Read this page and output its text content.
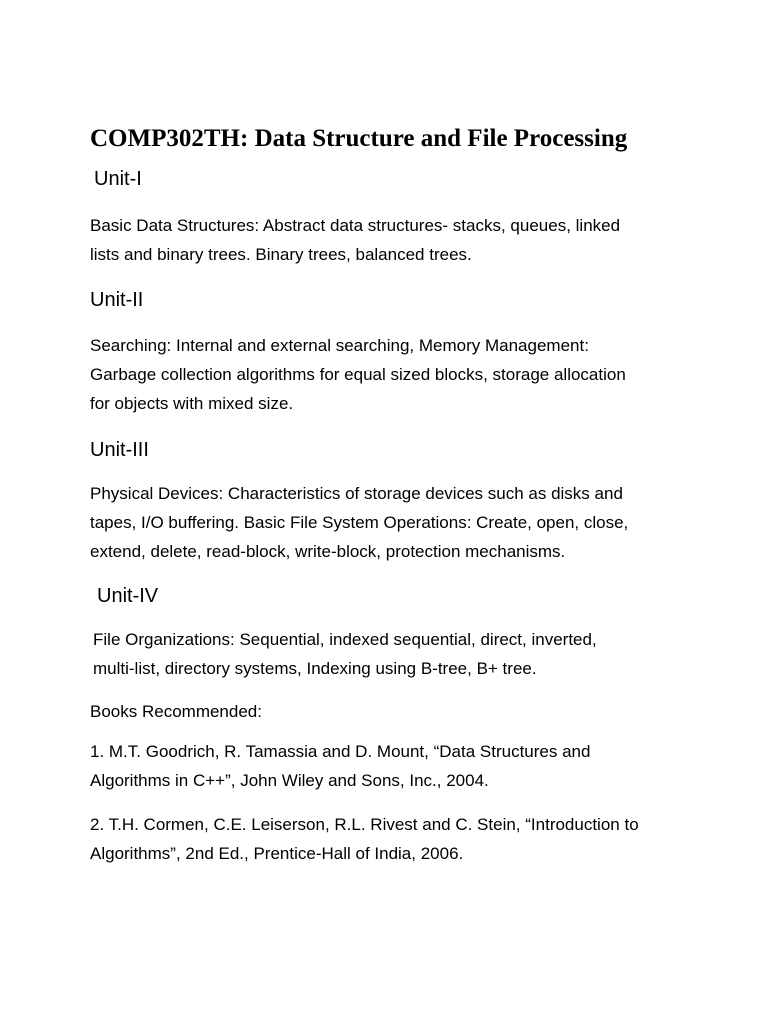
COMP302TH: Data Structure and File Processing
Unit-I
Basic Data Structures: Abstract data structures- stacks, queues, linked
lists and binary trees. Binary trees, balanced trees.
Unit-II
Searching: Internal and external searching, Memory Management:
Garbage collection algorithms for equal sized blocks, storage allocation
for objects with mixed size.
Unit-III
Physical Devices: Characteristics of storage devices such as disks and
tapes, I/O buffering. Basic File System Operations: Create, open, close,
extend, delete, read-block, write-block, protection mechanisms.
Unit-IV
File Organizations: Sequential, indexed sequential, direct, inverted,
multi-list, directory systems, Indexing using B-tree, B+ tree.
Books Recommended:
1. M.T. Goodrich, R. Tamassia and D. Mount, “Data Structures and
Algorithms in C++”, John Wiley and Sons, Inc., 2004.
2. T.H. Cormen, C.E. Leiserson, R.L. Rivest and C. Stein, “Introduction to
Algorithms”, 2nd Ed., Prentice-Hall of India, 2006.
